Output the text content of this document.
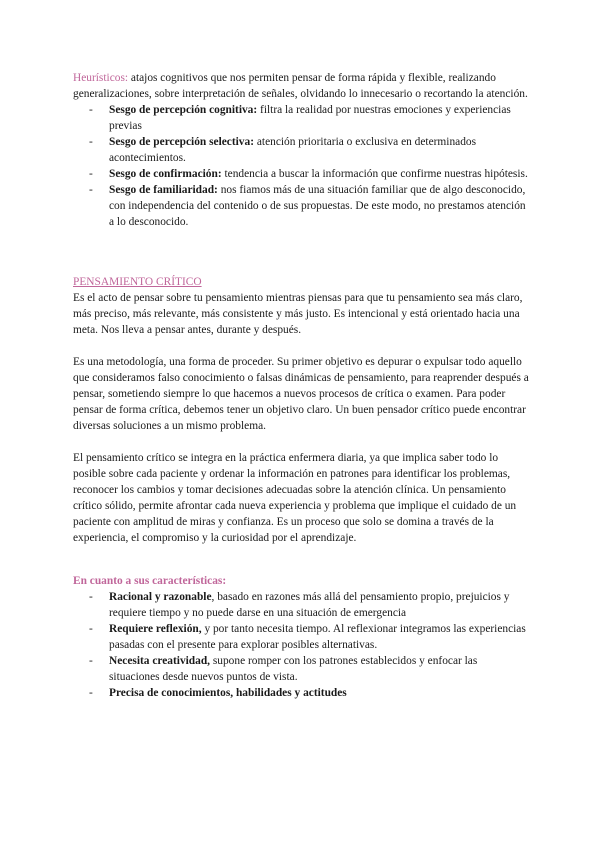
Heurísticos: atajos cognitivos que nos permiten pensar de forma rápida y flexible, realizando generalizaciones, sobre interpretación de señales, olvidando lo innecesario o recortando la atención.

- Sesgo de percepción cognitiva: filtra la realidad por nuestras emociones y experiencias previas
- Sesgo de percepción selectiva: atención prioritaria o exclusiva en determinados acontecimientos.
- Sesgo de confirmación: tendencia a buscar la información que confirme nuestras hipótesis.
- Sesgo de familiaridad: nos fiamos más de una situación familiar que de algo desconocido, con independencia del contenido o de sus propuestas. De este modo, no prestamos atención a lo desconocido.

PENSAMIENTO CRÍTICO

Es el acto de pensar sobre tu pensamiento mientras piensas para que tu pensamiento sea más claro, más preciso, más relevante, más consistente y más justo. Es intencional y está orientado hacia una meta. Nos lleva a pensar antes, durante y después.

Es una metodología, una forma de proceder. Su primer objetivo es depurar o expulsar todo aquello que consideramos falso conocimiento o falsas dinámicas de pensamiento, para reaprender después a pensar, sometiendo siempre lo que hacemos a nuevos procesos de crítica o examen. Para poder pensar de forma crítica, debemos tener un objetivo claro. Un buen pensador crítico puede encontrar diversas soluciones a un mismo problema.

El pensamiento crítico se integra en la práctica enfermera diaria, ya que implica saber todo lo posible sobre cada paciente y ordenar la información en patrones para identificar los problemas, reconocer los cambios y tomar decisiones adecuadas sobre la atención clínica. Un pensamiento crítico sólido, permite afrontar cada nueva experiencia y problema que implique el cuidado de un paciente con amplitud de miras y confianza. Es un proceso que solo se domina a través de la experiencia, el compromiso y la curiosidad por el aprendizaje.

En cuanto a sus características:

- Racional y razonable, basado en razones más allá del pensamiento propio, prejuicios y requiere tiempo y no puede darse en una situación de emergencia
- Requiere reflexión, y por tanto necesita tiempo. Al reflexionar integramos las experiencias pasadas con el presente para explorar posibles alternativas.
- Necesita creatividad, supone romper con los patrones establecidos y enfocar las situaciones desde nuevos puntos de vista.
- Precisa de conocimientos, habilidades y actitudes
